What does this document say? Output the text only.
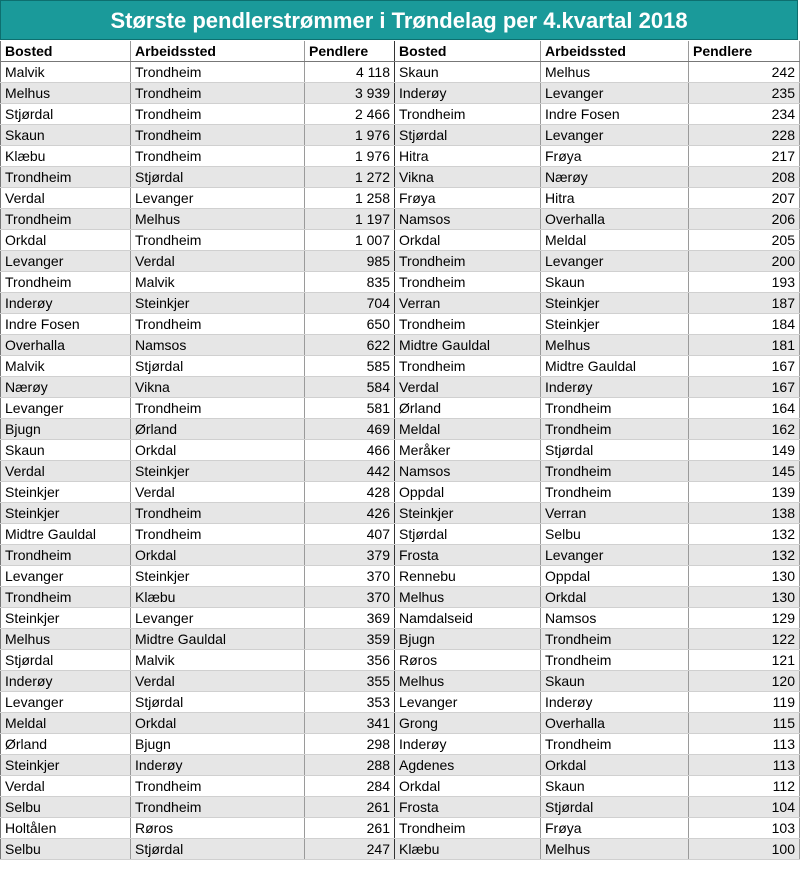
Største pendlerstrømmer i Trøndelag per 4.kvartal 2018
Bosted	Arbeidssted	Pendlere	Bosted	Arbeidssted	Pendlere
Malvik	Trondheim	4 118	Skaun	Melhus	242
Melhus	Trondheim	3 939	Inderøy	Levanger	235
Stjørdal	Trondheim	2 466	Trondheim	Indre Fosen	234
Skaun	Trondheim	1 976	Stjørdal	Levanger	228
Klæbu	Trondheim	1 976	Hitra	Frøya	217
Trondheim	Stjørdal	1 272	Vikna	Nærøy	208
Verdal	Levanger	1 258	Frøya	Hitra	207
Trondheim	Melhus	1 197	Namsos	Overhalla	206
Orkdal	Trondheim	1 007	Orkdal	Meldal	205
Levanger	Verdal	985	Trondheim	Levanger	200
Trondheim	Malvik	835	Trondheim	Skaun	193
Inderøy	Steinkjer	704	Verran	Steinkjer	187
Indre Fosen	Trondheim	650	Trondheim	Steinkjer	184
Overhalla	Namsos	622	Midtre Gauldal	Melhus	181
Malvik	Stjørdal	585	Trondheim	Midtre Gauldal	167
Nærøy	Vikna	584	Verdal	Inderøy	167
Levanger	Trondheim	581	Ørland	Trondheim	164
Bjugn	Ørland	469	Meldal	Trondheim	162
Skaun	Orkdal	466	Meråker	Stjørdal	149
Verdal	Steinkjer	442	Namsos	Trondheim	145
Steinkjer	Verdal	428	Oppdal	Trondheim	139
Steinkjer	Trondheim	426	Steinkjer	Verran	138
Midtre Gauldal	Trondheim	407	Stjørdal	Selbu	132
Trondheim	Orkdal	379	Frosta	Levanger	132
Levanger	Steinkjer	370	Rennebu	Oppdal	130
Trondheim	Klæbu	370	Melhus	Orkdal	130
Steinkjer	Levanger	369	Namdalseid	Namsos	129
Melhus	Midtre Gauldal	359	Bjugn	Trondheim	122
Stjørdal	Malvik	356	Røros	Trondheim	121
Inderøy	Verdal	355	Melhus	Skaun	120
Levanger	Stjørdal	353	Levanger	Inderøy	119
Meldal	Orkdal	341	Grong	Overhalla	115
Ørland	Bjugn	298	Inderøy	Trondheim	113
Steinkjer	Inderøy	288	Agdenes	Orkdal	113
Verdal	Trondheim	284	Orkdal	Skaun	112
Selbu	Trondheim	261	Frosta	Stjørdal	104
Holtålen	Røros	261	Trondheim	Frøya	103
Selbu	Stjørdal	247	Klæbu	Melhus	100
